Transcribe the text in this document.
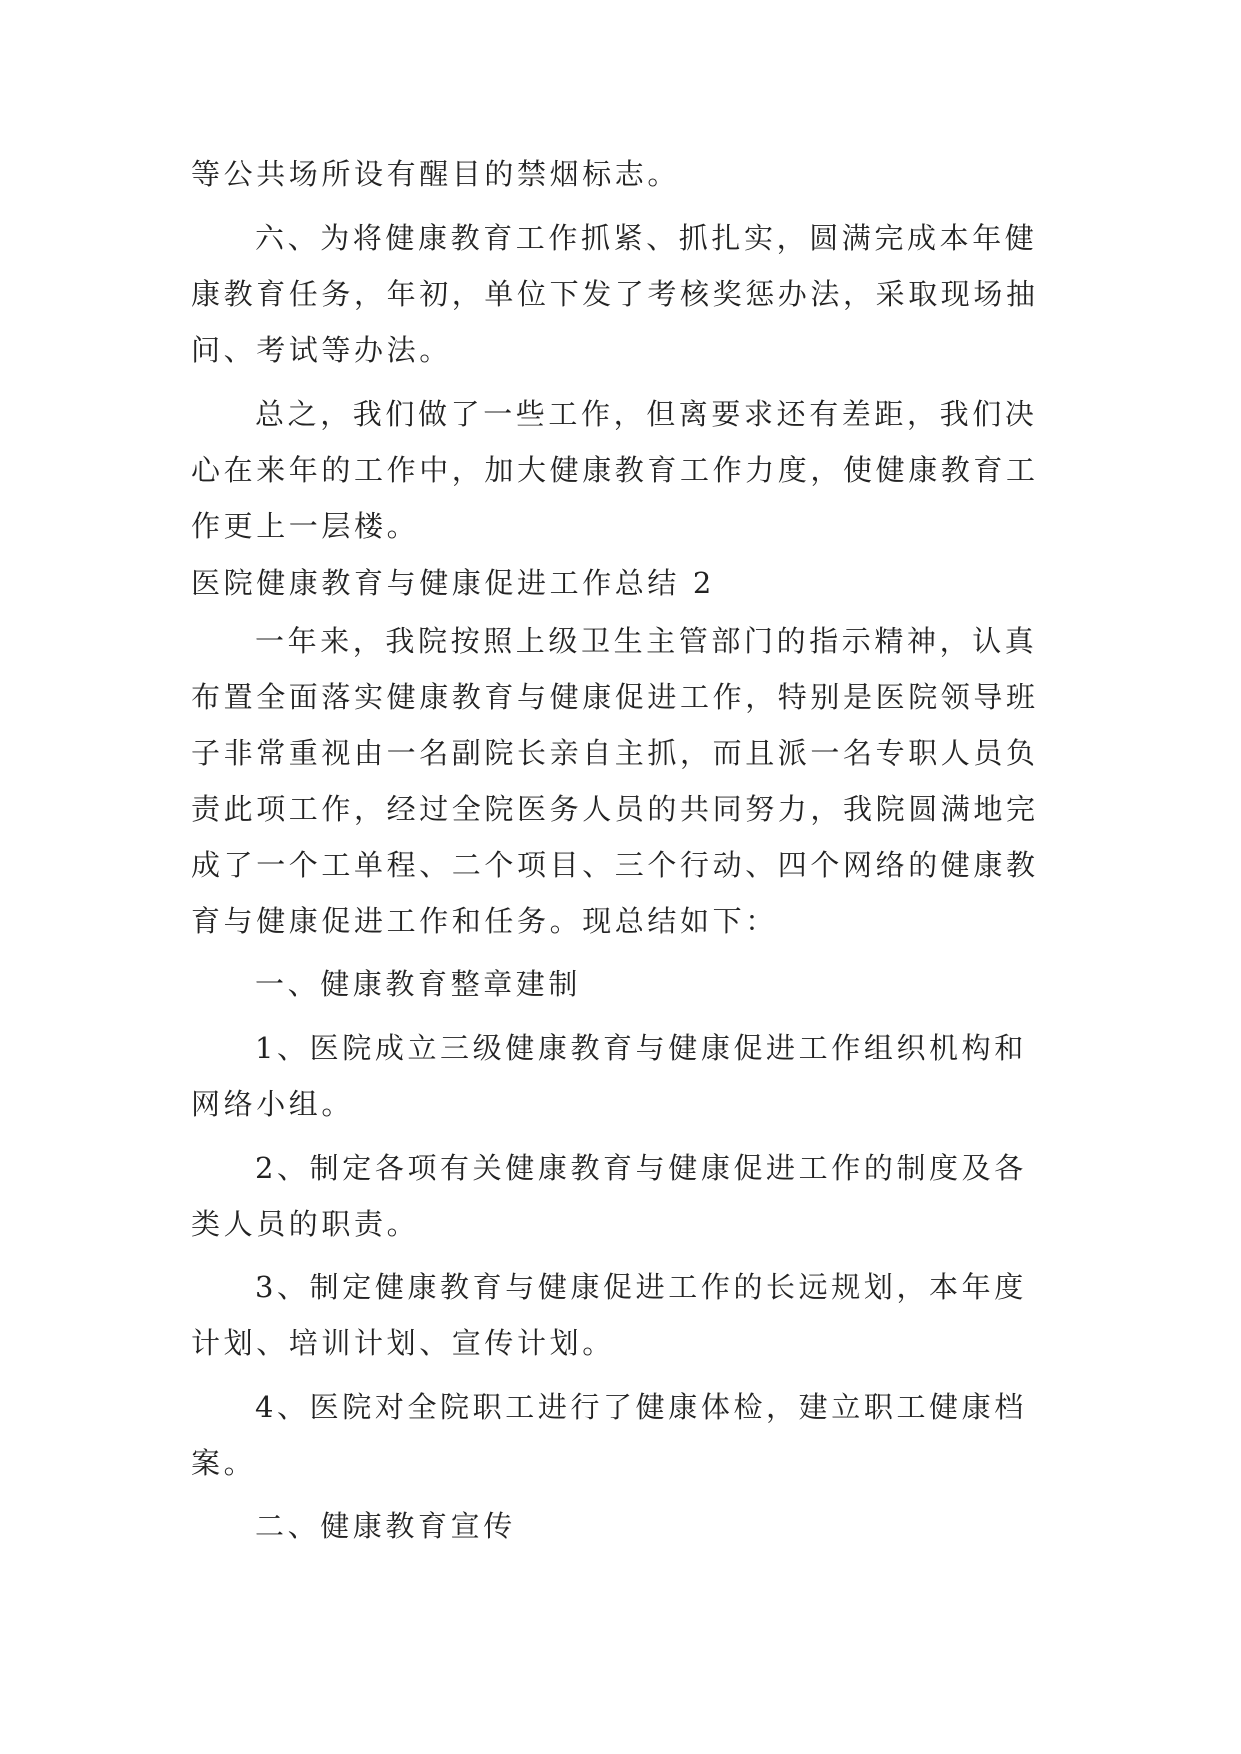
等公共场所设有醒目的禁烟标志。
六、为将健康教育工作抓紧、抓扎实，圆满完成本年健
康教育任务，年初，单位下发了考核奖惩办法，采取现场抽
问、考试等办法。
总之，我们做了一些工作，但离要求还有差距，我们决
心在来年的工作中，加大健康教育工作力度，使健康教育工
作更上一层楼。
医院健康教育与健康促进工作总结 2
一年来，我院按照上级卫生主管部门的指示精神，认真
布置全面落实健康教育与健康促进工作，特别是医院领导班
子非常重视由一名副院长亲自主抓，而且派一名专职人员负
责此项工作，经过全院医务人员的共同努力，我院圆满地完
成了一个工单程、二个项目、三个行动、四个网络的健康教
育与健康促进工作和任务。现总结如下：
一、健康教育整章建制
1、医院成立三级健康教育与健康促进工作组织机构和
网络小组。
2、制定各项有关健康教育与健康促进工作的制度及各
类人员的职责。
3、制定健康教育与健康促进工作的长远规划，本年度
计划、培训计划、宣传计划。
4、医院对全院职工进行了健康体检，建立职工健康档
案。
二、健康教育宣传
